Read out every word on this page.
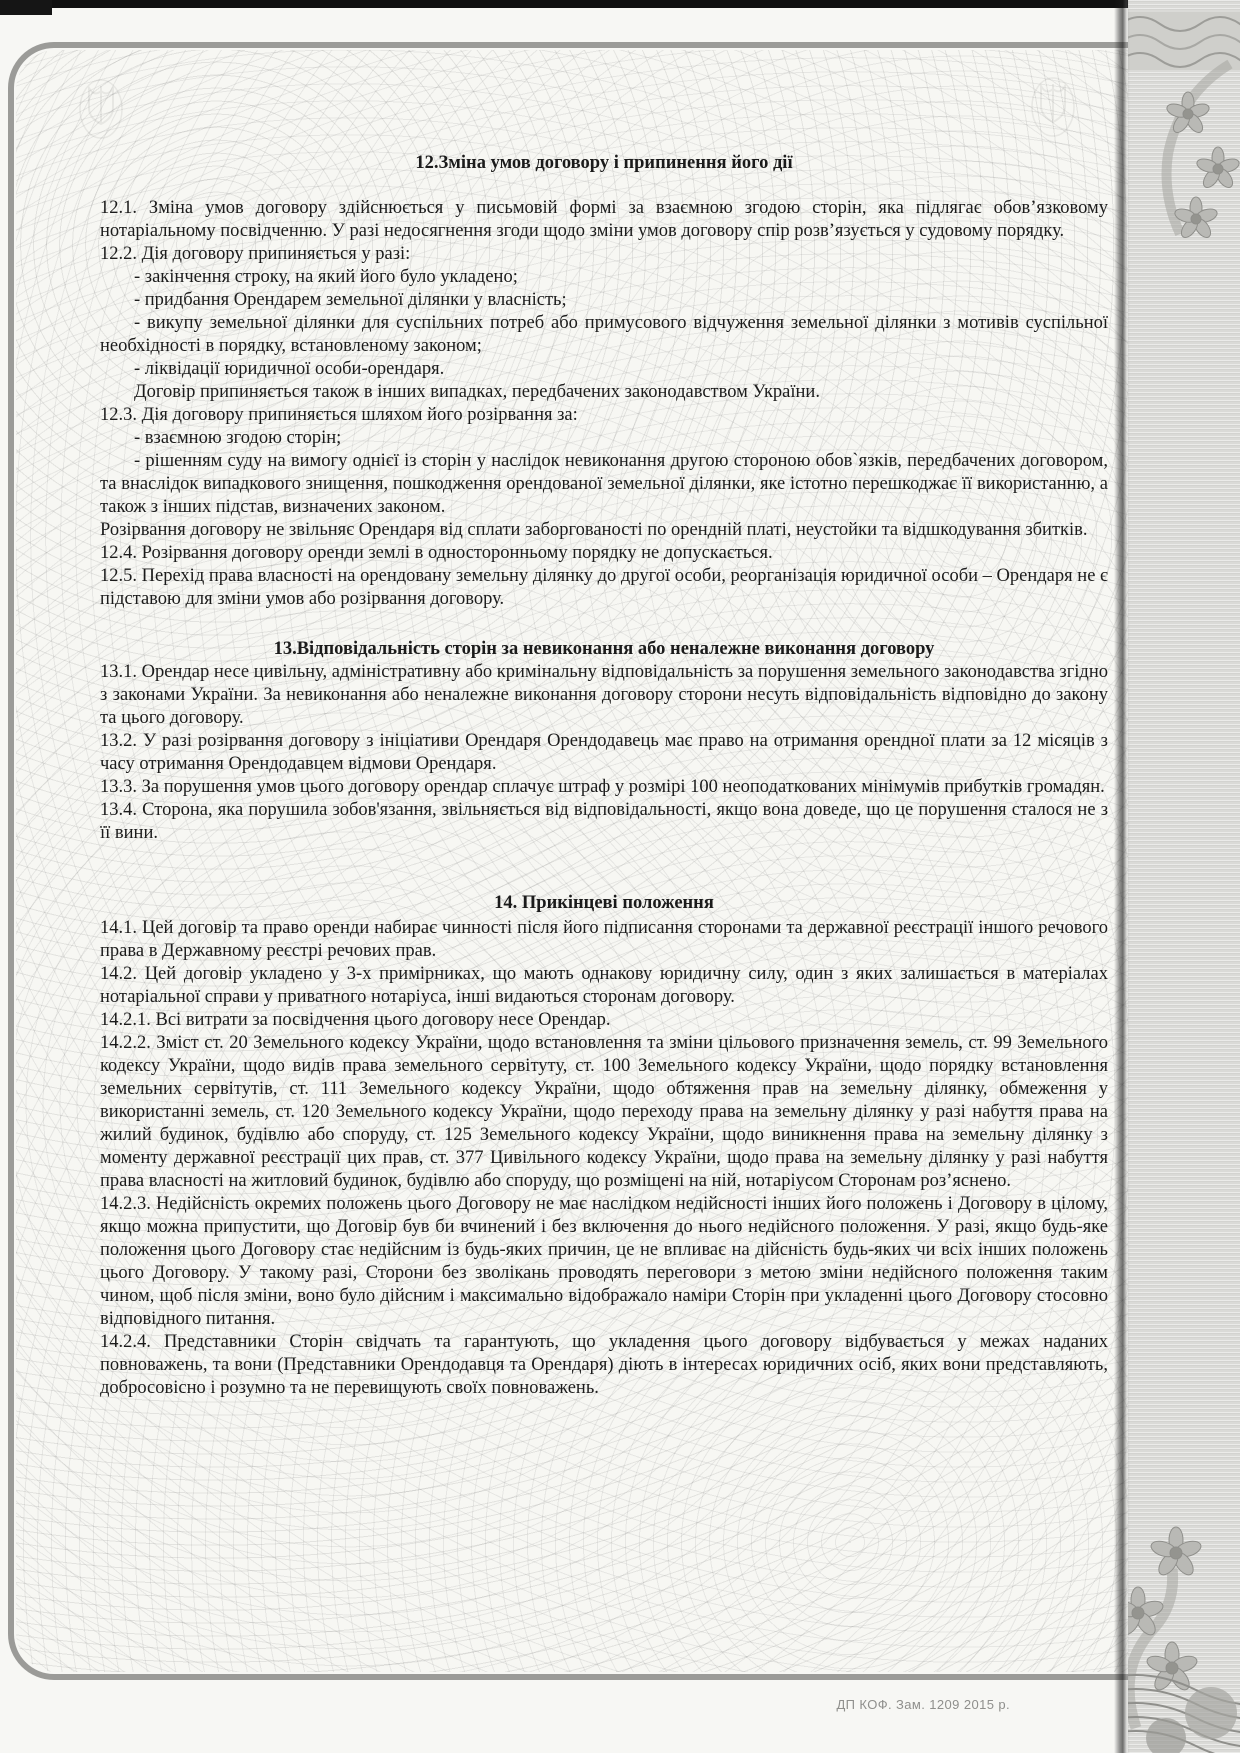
12.Зміна умов договору і припинення його дії

12.1. Зміна умов договору здійснюється у письмовій формі за взаємною згодою сторін, яка підлягає обов’язковому нотаріальному посвідченню. У разі недосягнення згоди щодо зміни умов договору спір розв’язується у судовому порядку.

12.2. Дія договору припиняється у разі:

- закінчення строку, на який його було укладено;

- придбання Орендарем земельної ділянки у власність;

- викупу земельної ділянки для суспільних потреб або примусового відчуження земельної ділянки з мотивів суспільної необхідності в порядку, встановленому законом;

- ліквідації юридичної особи-орендаря.

Договір припиняється також в інших випадках, передбачених законодавством України.

12.3. Дія договору припиняється шляхом його розірвання за:

- взаємною згодою сторін;

- рішенням суду на вимогу однієї із сторін у наслідок невиконання другою стороною обов`язків, передбачених договором, та внаслідок випадкового знищення, пошкодження орендованої земельної ділянки, яке істотно перешкоджає її використанню, а також з інших підстав, визначених законом.

Розірвання договору не звільняє Орендаря від сплати заборгованості по орендній платі, неустойки та відшкодування збитків.

12.4. Розірвання договору оренди землі в односторонньому порядку не допускається.

12.5. Перехід права власності на орендовану земельну ділянку до другої особи, реорганізація юридичної особи – Орендаря не є підставою для зміни умов або розірвання договору.

13.Відповідальність сторін за невиконання або неналежне виконання договору

13.1. Орендар несе цивільну, адміністративну або кримінальну відповідальність за порушення земельного законодавства згідно з законами України. За невиконання або неналежне виконання договору сторони несуть відповідальність відповідно до закону та цього договору.

13.2. У разі розірвання договору з ініціативи Орендаря Орендодавець має право на отримання орендної плати за 12 місяців з часу отримання Орендодавцем відмови Орендаря.

13.3. За порушення умов цього договору орендар сплачує штраф у розмірі 100 неоподаткованих мінімумів прибутків громадян.

13.4. Сторона, яка порушила зобов'язання, звільняється від відповідальності, якщо вона доведе, що це порушення сталося не з її вини.

14. Прикінцеві положення

14.1. Цей договір та право оренди набирає чинності після його підписання сторонами та державної реєстрації іншого речового права в Державному реєстрі речових прав.

14.2. Цей договір укладено у 3-х примірниках, що мають однакову юридичну силу, один з яких залишається в матеріалах нотаріальної справи у приватного нотаріуса, інші видаються сторонам договору.

14.2.1. Всі витрати за посвідчення цього договору несе Орендар.

14.2.2. Зміст ст. 20 Земельного кодексу України, щодо встановлення та зміни цільового призначення земель, ст. 99 Земельного кодексу України, щодо видів права земельного сервітуту, ст. 100 Земельного кодексу України, щодо порядку встановлення земельних сервітутів, ст. 111 Земельного кодексу України, щодо обтяження прав на земельну ділянку, обмеження у використанні земель, ст. 120 Земельного кодексу України, щодо переходу права на земельну ділянку у разі набуття права на жилий будинок, будівлю або споруду, ст. 125 Земельного кодексу України, щодо виникнення права на земельну ділянку з моменту державної реєстрації цих прав, ст. 377 Цивільного кодексу України, щодо права на земельну ділянку у разі набуття права власності на житловий будинок, будівлю або споруду, що розміщені на ній, нотаріусом Сторонам роз’яснено.

14.2.3. Недійсність окремих положень цього Договору не має наслідком недійсності інших його положень і Договору в цілому, якщо можна припустити, що Договір був би вчинений і без включення до нього недійсного положення. У разі, якщо будь-яке положення цього Договору стає недійсним із будь-яких причин, це не впливає на дійсність будь-яких чи всіх інших положень цього Договору. У такому разі, Сторони без зволікань проводять переговори з метою зміни недійсного положення таким чином, щоб після зміни, воно було дійсним і максимально відображало наміри Сторін при укладенні цього Договору стосовно відповідного питання.

14.2.4. Представники Сторін свідчать та гарантують, що укладення цього договору відбувається у межах наданих повноважень, та вони (Представники Орендодавця та Орендаря) діють в інтересах юридичних осіб, яких вони представляють, добросовісно і розумно та не перевищують своїх повноважень.

ДП КОФ. Зам. 1209 2015 р.
